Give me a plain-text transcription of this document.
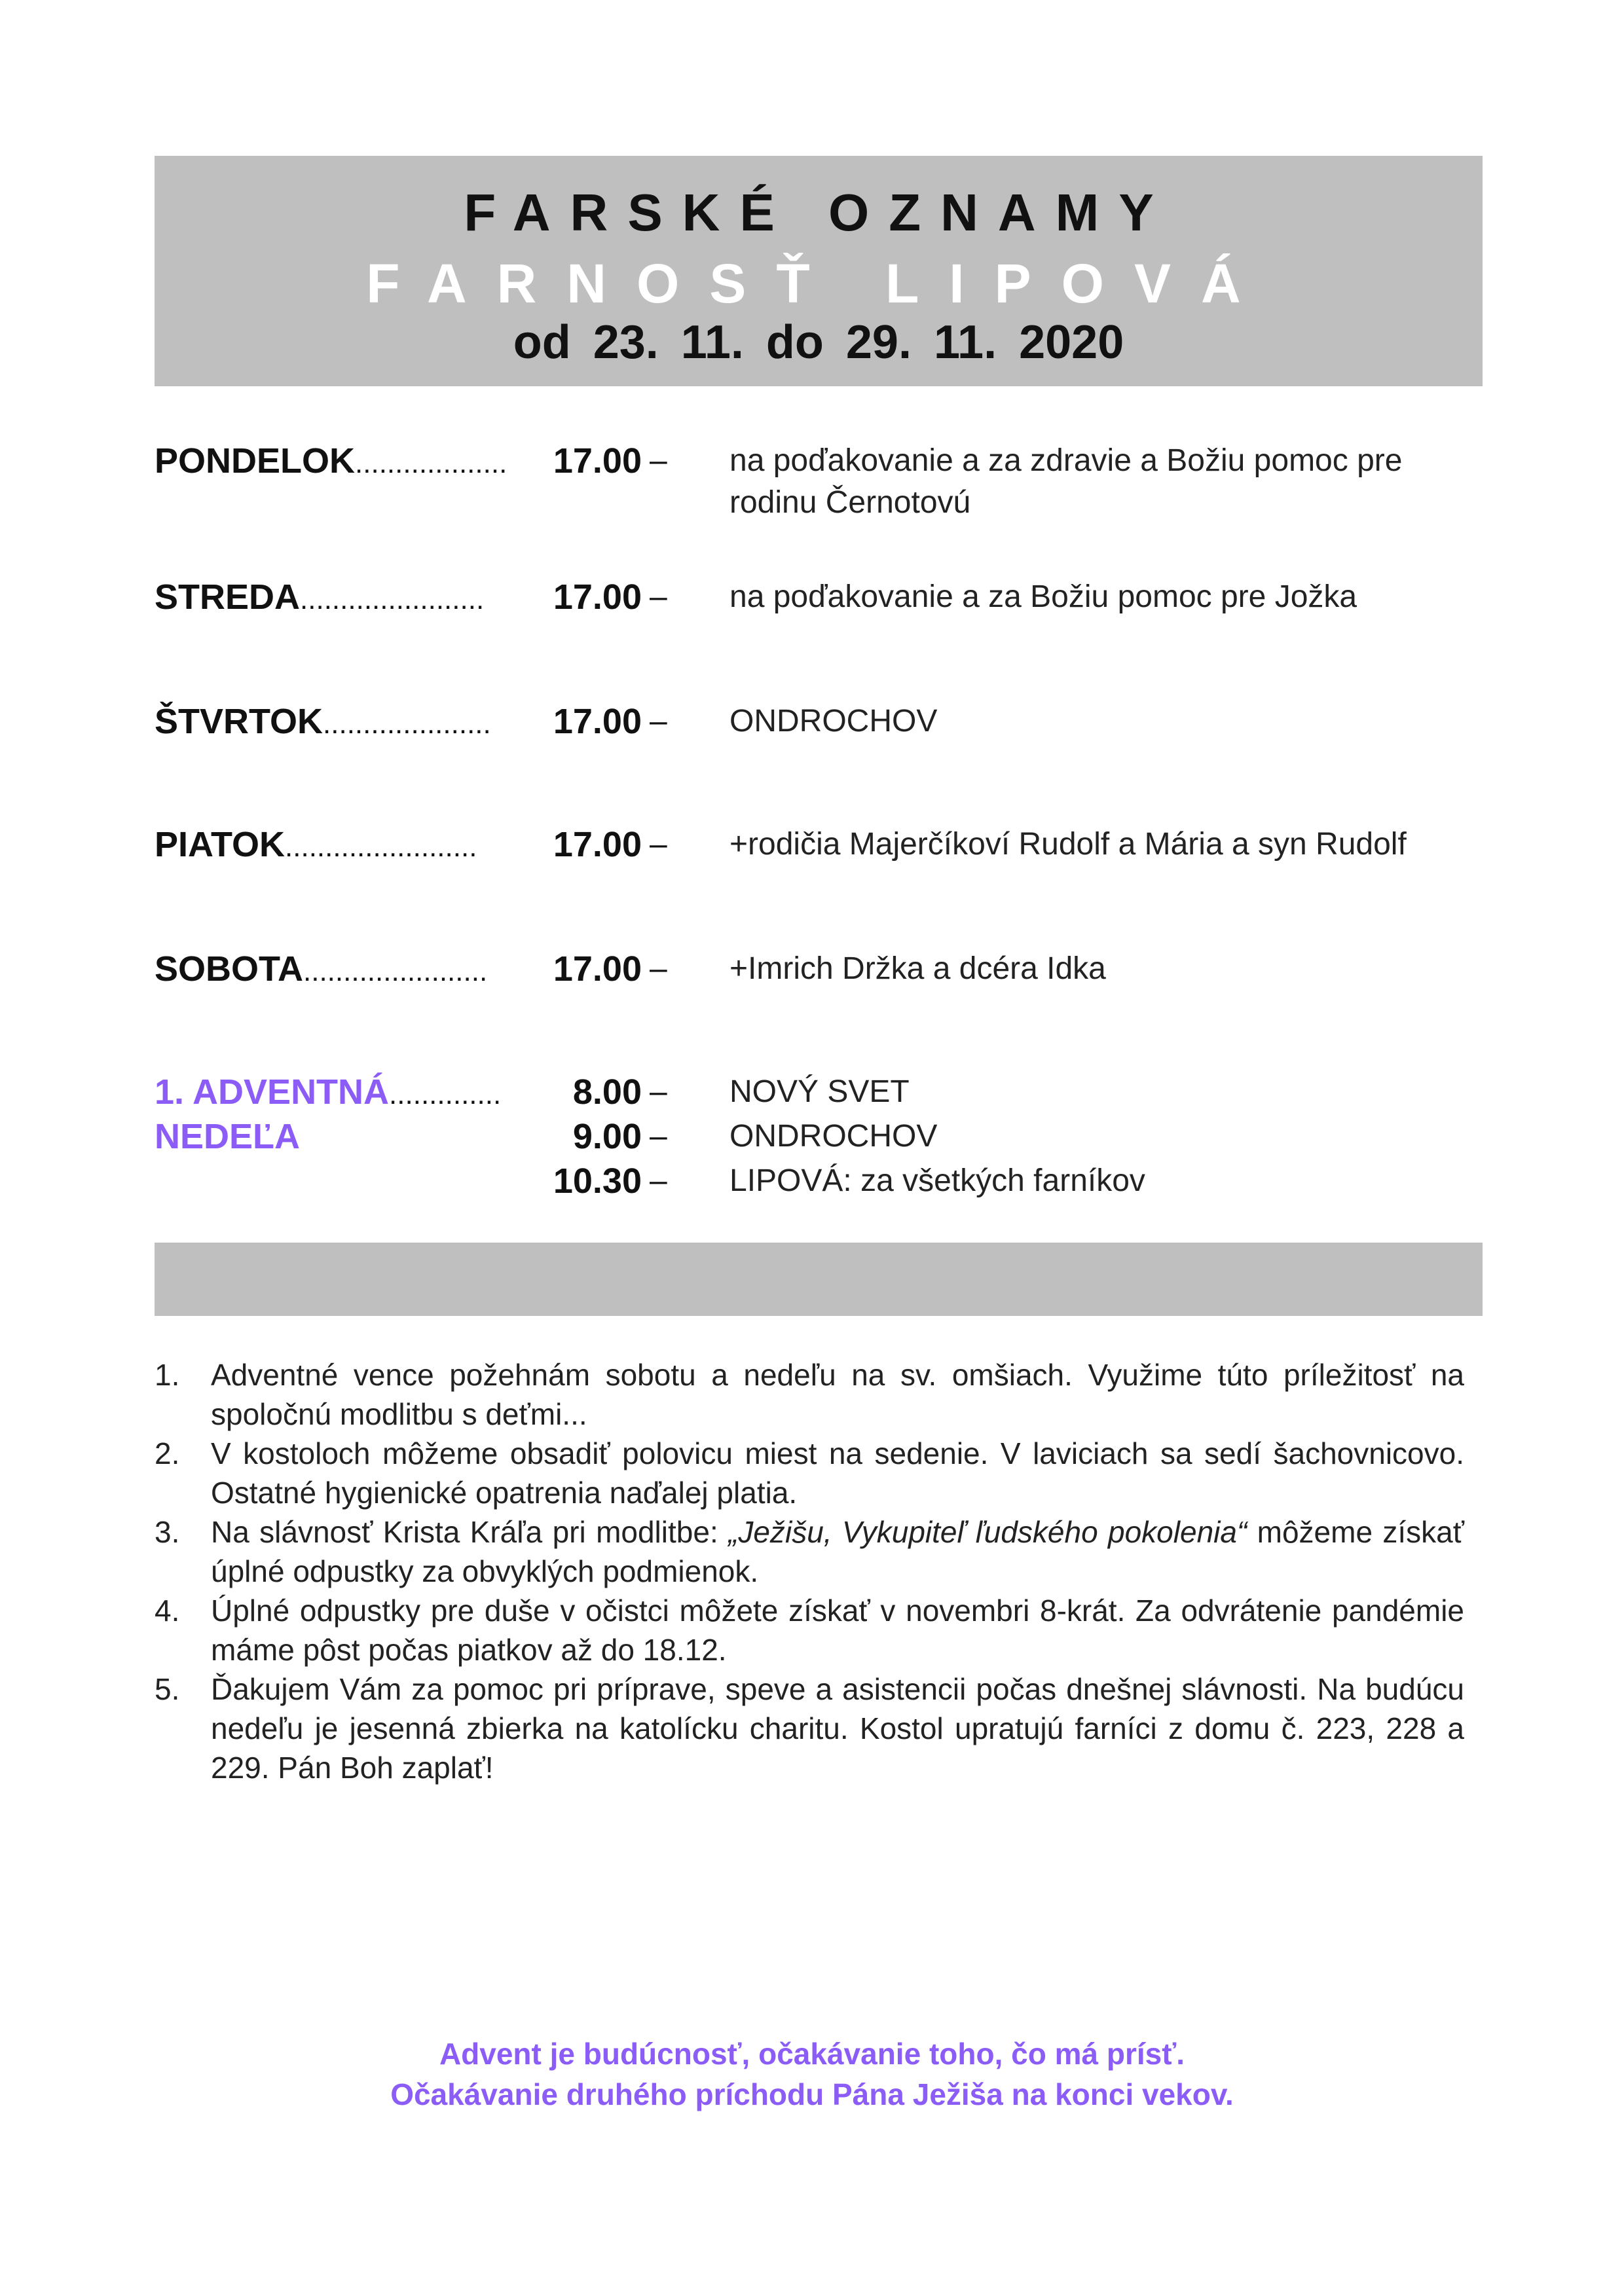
FARSKÉ OZNAMY
FARNOSŤ LIPOVÁ
od 23. 11. do 29. 11. 2020
PONDELOK................... 17.00 – na poďakovanie a za zdravie a Božiu pomoc pre
rodinu Černotovú
STREDA....................... 17.00 – na poďakovanie a za Božiu pomoc pre Jožka
ŠTVRTOK..................... 17.00 – ONDROCHOV
PIATOK........................ 17.00 – +rodičia Majerčíkoví Rudolf a Mária a syn Rudolf
SOBOTA....................... 17.00 – +Imrich Držka a dcéra Idka
1. ADVENTNÁ.............. 8.00 – NOVÝ SVET
NEDEĽA	9.00 – ONDROCHOV
10.30 – LIPOVÁ: za všetkých farníkov
1. Adventné vence požehnám sobotu a nedeľu na sv. omšiach. Využime túto príležitosť na spoločnú modlitbu s deťmi...
2. V kostoloch môžeme obsadiť polovicu miest na sedenie. V laviciach sa sedí šachovnicovo. Ostatné hygienické opatrenia naďalej platia.
3. Na slávnosť Krista Kráľa pri modlitbe: „Ježišu, Vykupiteľ ľudského pokolenia“ môžeme získať úplné odpustky za obvyklých podmienok.
4. Úplné odpustky pre duše v očistci môžete získať v novembri 8-krát. Za odvrátenie pandémie máme pôst počas piatkov až do 18.12.
5. Ďakujem Vám za pomoc pri príprave, speve a asistencii počas dnešnej slávnosti. Na budúcu nedeľu je jesenná zbierka na katolícku charitu. Kostol upratujú farníci z domu č. 223, 228 a 229. Pán Boh zaplať!
Advent je budúcnosť, očakávanie toho, čo má prísť.
Očakávanie druhého príchodu Pána Ježiša na konci vekov.
